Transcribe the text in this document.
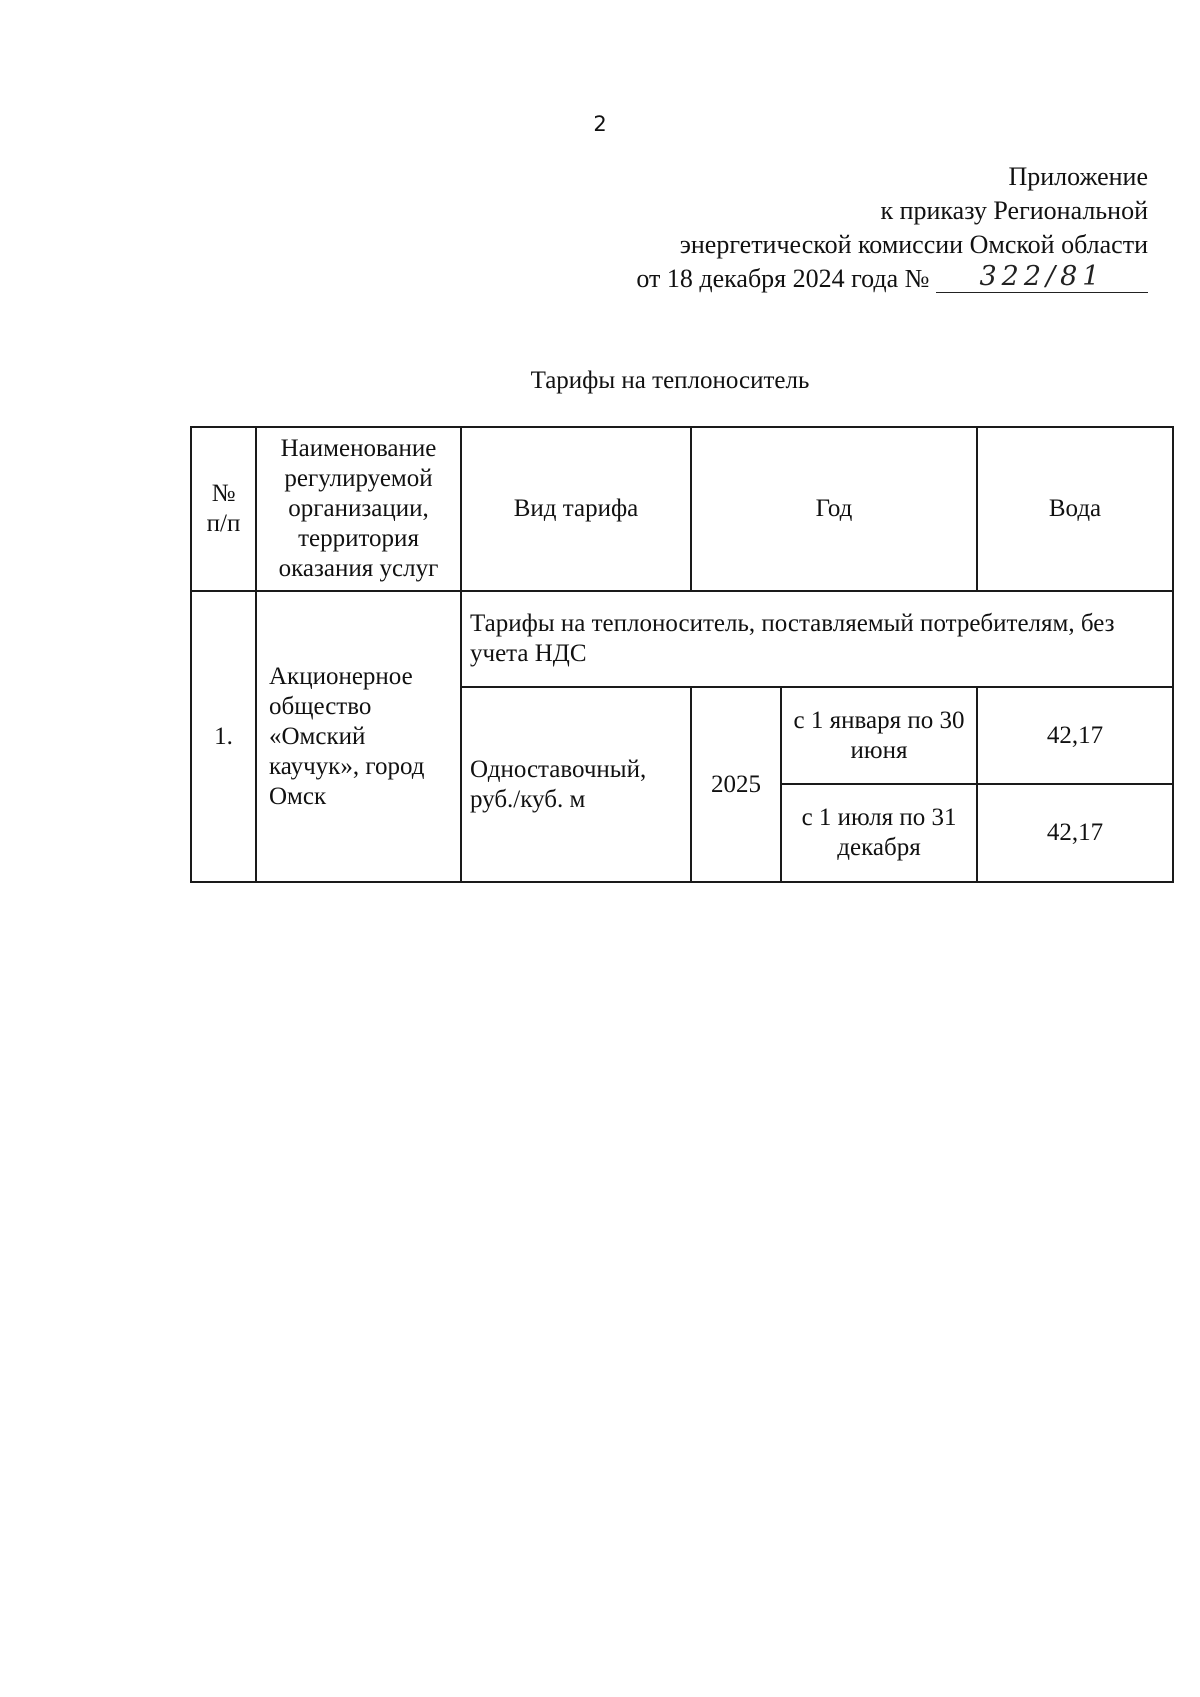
2
Приложение
к приказу Региональной
энергетической комиссии Омской области
от 18 декабря 2024 года № 322/81
Тарифы на теплоноситель
№ п/п	Наименование регулируемой организации, территория оказания услуг	Вид тарифа	Год		Вода
1.	Акционерное общество «Омский каучук», город Омск	Тарифы на теплоноситель, поставляемый потребителям, без учета НДС			
		Одноставочный, руб./куб. м	2025	с 1 января по 30 июня	42,17
				с 1 июля по 31 декабря	42,17
